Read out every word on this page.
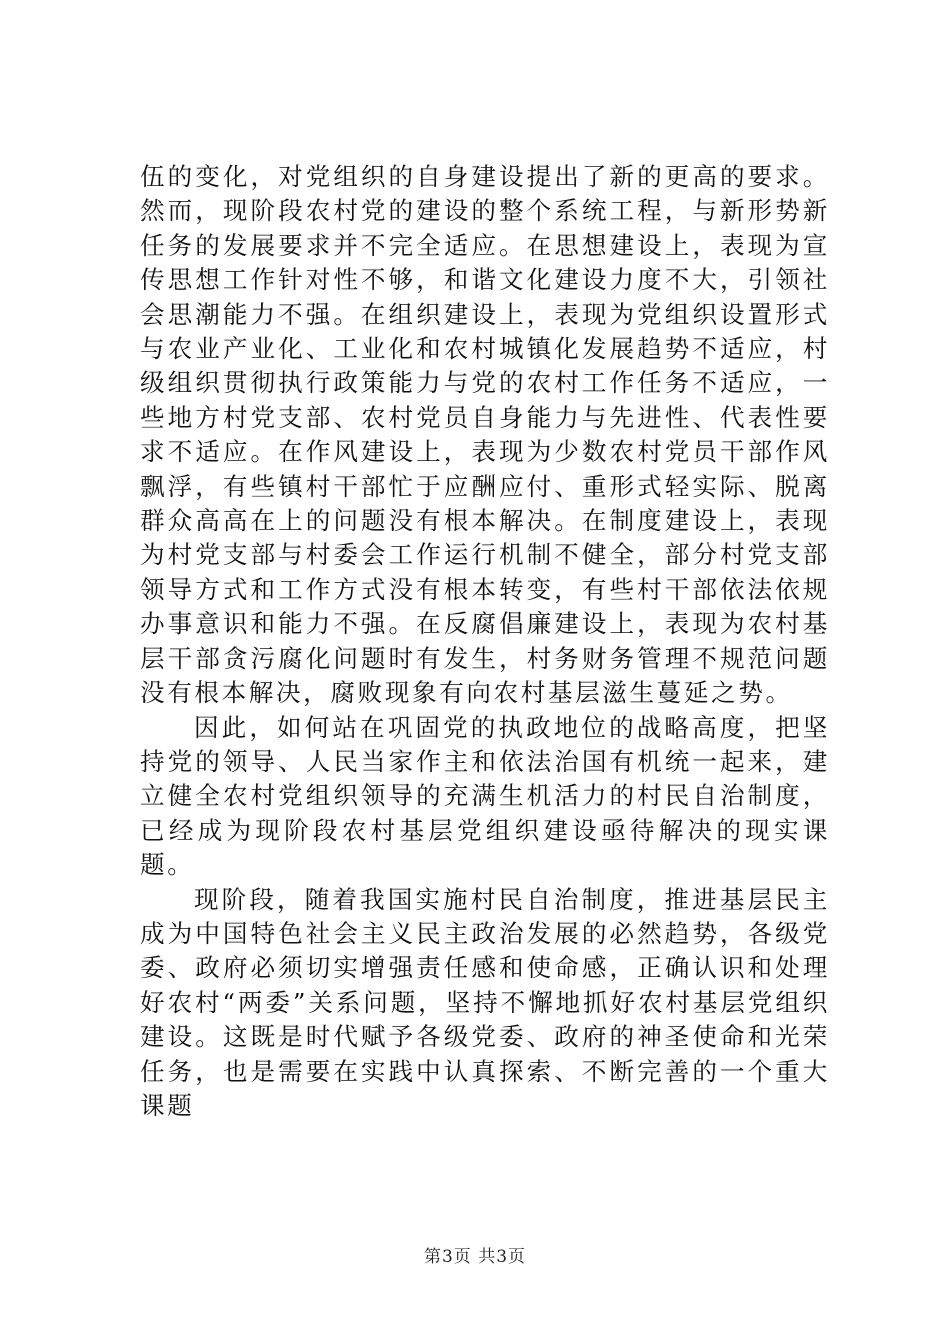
伍的变化，对党组织的自身建设提出了新的更高的要求。然而，现阶段农村党的建设的整个系统工程，与新形势新任务的发展要求并不完全适应。在思想建设上，表现为宣传思想工作针对性不够，和谐文化建设力度不大，引领社会思潮能力不强。在组织建设上，表现为党组织设置形式与农业产业化、工业化和农村城镇化发展趋势不适应，村级组织贯彻执行政策能力与党的农村工作任务不适应，一些地方村党支部、农村党员自身能力与先进性、代表性要求不适应。在作风建设上，表现为少数农村党员干部作风飘浮，有些镇村干部忙于应酬应付、重形式轻实际、脱离群众高高在上的问题没有根本解决。在制度建设上，表现为村党支部与村委会工作运行机制不健全，部分村党支部领导方式和工作方式没有根本转变，有些村干部依法依规办事意识和能力不强。在反腐倡廉建设上，表现为农村基层干部贪污腐化问题时有发生，村务财务管理不规范问题没有根本解决，腐败现象有向农村基层滋生蔓延之势。

因此，如何站在巩固党的执政地位的战略高度，把坚持党的领导、人民当家作主和依法治国有机统一起来，建立健全农村党组织领导的充满生机活力的村民自治制度，已经成为现阶段农村基层党组织建设亟待解决的现实课题。

现阶段，随着我国实施村民自治制度，推进基层民主成为中国特色社会主义民主政治发展的必然趋势，各级党委、政府必须切实增强责任感和使命感，正确认识和处理好农村“两委”关系问题，坚持不懈地抓好农村基层党组织建设。这既是时代赋予各级党委、政府的神圣使命和光荣任务，也是需要在实践中认真探索、不断完善的一个重大课题

第3页 共3页
